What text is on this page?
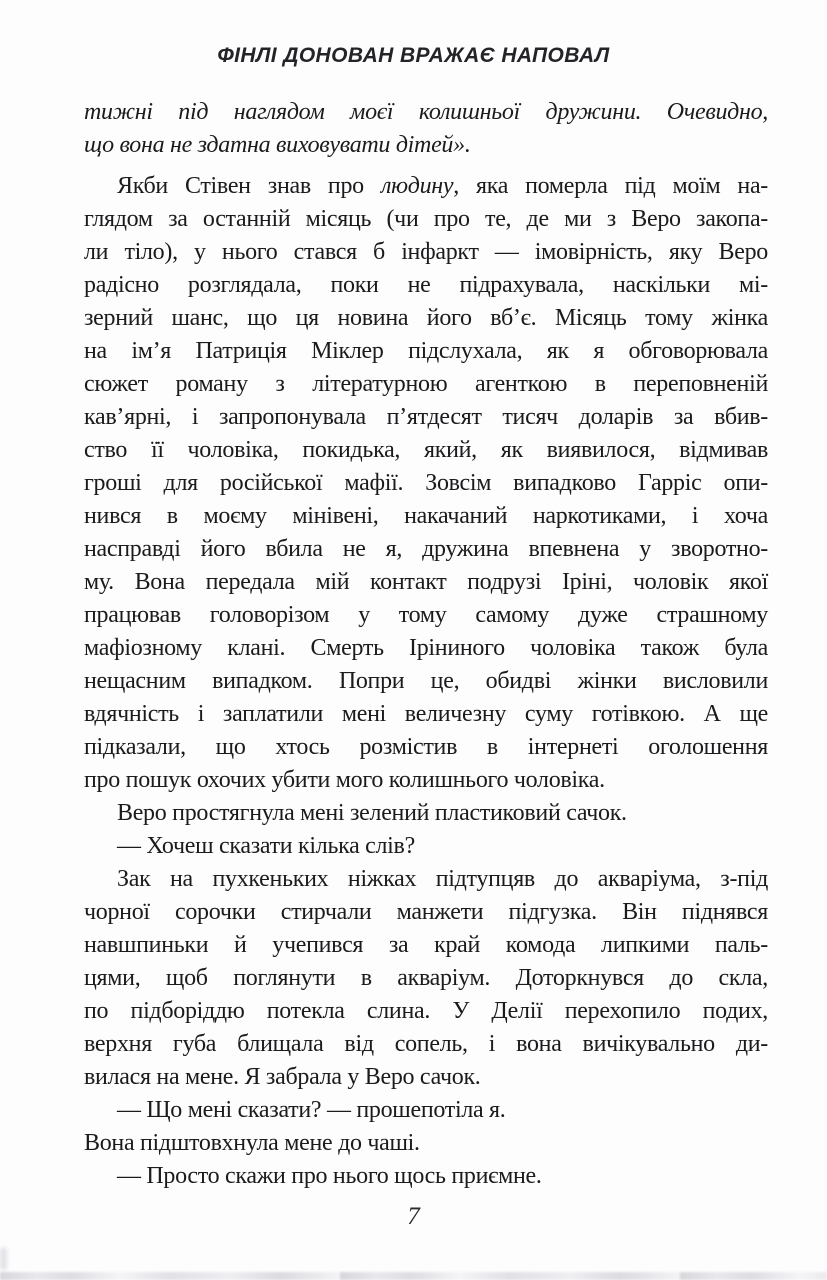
ФІНЛІ ДОНОВАН ВРАЖАЄ НАПОВАЛ
тижні під наглядом моєї колишньої дружини. Очевидно,
що вона не здатна виховувати дітей».
Якби Стівен знав про людину, яка померла під моїм на-
глядом за останній місяць (чи про те, де ми з Веро закопа-
ли тіло), у нього стався б інфаркт — імовірність, яку Веро
радісно розглядала, поки не підрахувала, наскільки мі-
зерний шанс, що ця новина його вб’є. Місяць тому жінка
на ім’я Патриція Міклер підслухала, як я обговорювала
сюжет роману з літературною агенткою в переповненій
кав’ярні, і запропонувала п’ятдесят тисяч доларів за вбив-
ство її чоловіка, покидька, який, як виявилося, відмивав
гроші для російської мафії. Зовсім випадково Гарріс опи-
нився в моєму мінівені, накачаний наркотиками, і хоча
насправді його вбила не я, дружина впевнена у зворотно-
му. Вона передала мій контакт подрузі Іріні, чоловік якої
працював головорізом у тому самому дуже страшному
мафіозному клані. Смерть Іріниного чоловіка також була
нещасним випадком. Попри це, обидві жінки висловили
вдячність і заплатили мені величезну суму готівкою. А ще
підказали, що хтось розмістив в інтернеті оголошення
про пошук охочих убити мого колишнього чоловіка.
Веро простягнула мені зелений пластиковий сачок.
— Хочеш сказати кілька слів?
Зак на пухкеньких ніжках підтупцяв до акваріума, з-під
чорної сорочки стирчали манжети підгузка. Він піднявся
навшпиньки й учепився за край комода липкими паль-
цями, щоб поглянути в акваріум. Доторкнувся до скла,
по підборіддю потекла слина. У Делії перехопило подих,
верхня губа блищала від сопель, і вона вичікувально ди-
вилася на мене. Я забрала у Веро сачок.
— Що мені сказати? — прошепотіла я.
Вона підштовхнула мене до чаші.
— Просто скажи про нього щось приємне.
7
